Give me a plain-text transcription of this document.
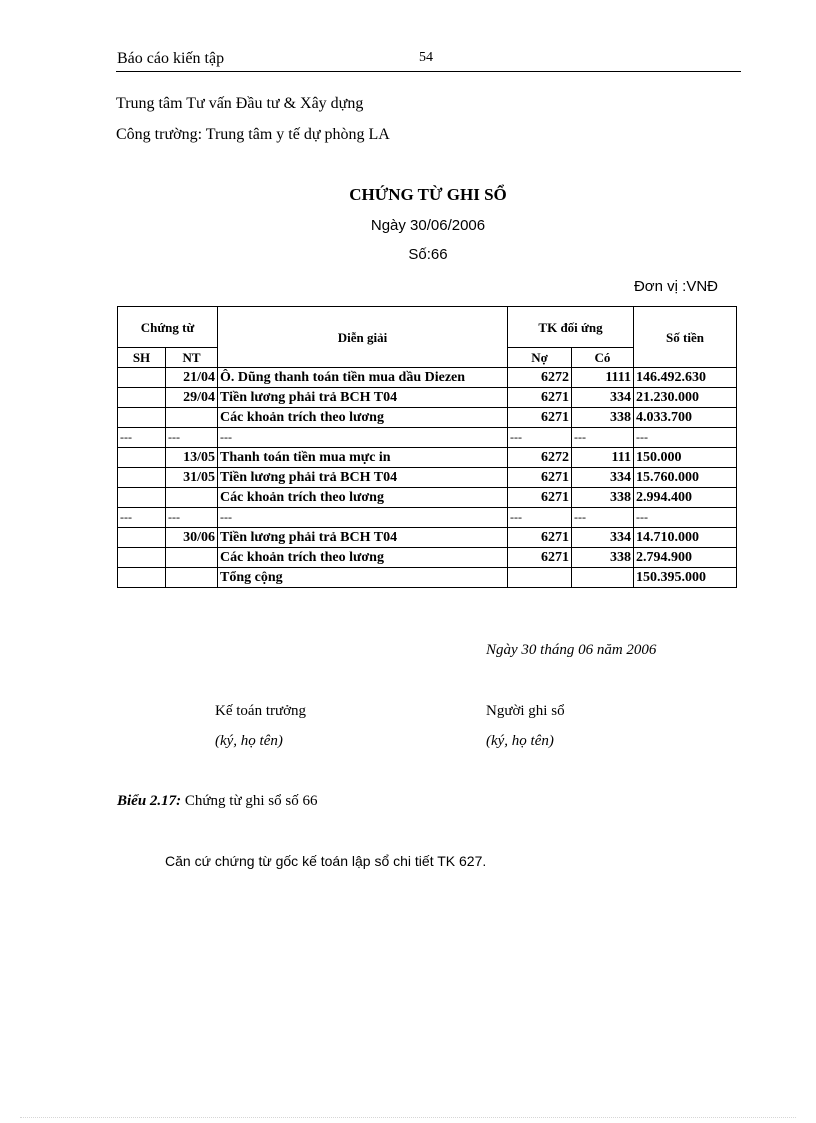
Báo cáo kiến tập	54
Trung tâm Tư vấn Đầu tư & Xây dựng
Công trường: Trung tâm y tế dự phòng LA
CHỨNG TỪ GHI SỔ
Ngày 30/06/2006
Số:66
Đơn vị :VNĐ
Chứng từ		Diễn giải	TK đối ứng		Số tiền
SH	NT		Nợ	Có	
	21/04	Ô. Dũng thanh toán tiền mua dầu Diezen	6272	1111	146.492.630
	29/04	Tiền lương phải trả BCH T04	6271	334	21.230.000
		Các khoản trích theo lương	6271	338	4.033.700
---	---	---	---	---	---
	13/05	Thanh toán tiền mua mực in	6272	111	150.000
	31/05	Tiền lương phải trả BCH T04	6271	334	15.760.000
		Các khoản trích theo lương	6271	338	2.994.400
---	---	---	---	---	---
	30/06	Tiền lương phải trả BCH T04	6271	334	14.710.000
		Các khoản trích theo lương	6271	338	2.794.900
		Tổng cộng			150.395.000
Ngày 30 tháng 06 năm 2006
Kế toán trưởng	Người ghi sổ
(ký, họ tên)	(ký, họ tên)
Biểu 2.17: Chứng từ ghi sổ số 66
Căn cứ chứng từ gốc kế toán lập sổ chi tiết TK 627.
